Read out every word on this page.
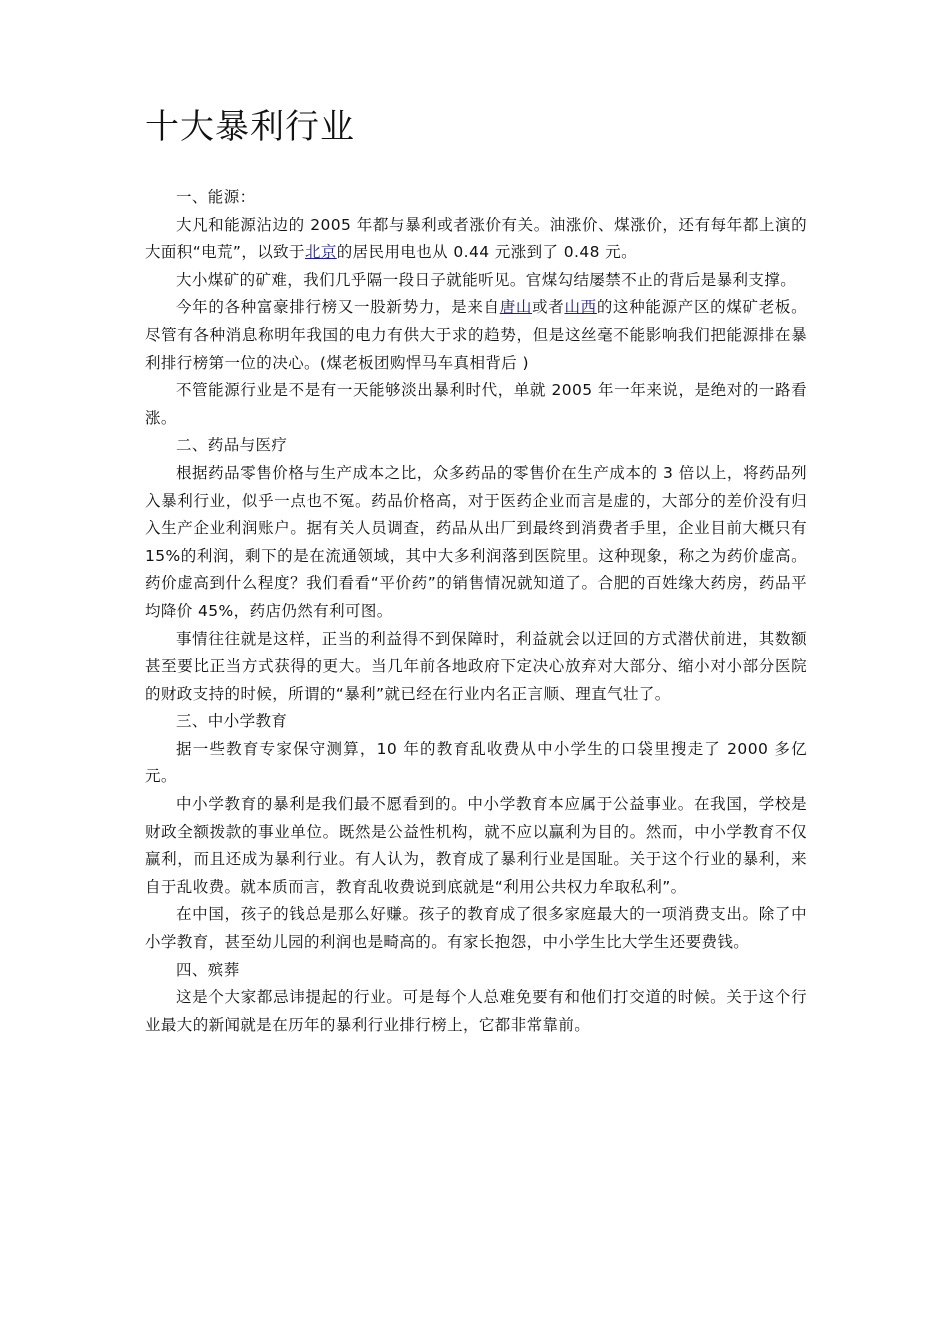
十大暴利行业

一、能源：

大凡和能源沾边的 2005 年都与暴利或者涨价有关。油涨价、煤涨价，还有每年都上演的大面积“电荒”，以致于北京的居民用电也从 0.44 元涨到了 0.48 元。

大小煤矿的矿难，我们几乎隔一段日子就能听见。官煤勾结屡禁不止的背后是暴利支撑。

今年的各种富豪排行榜又一股新势力，是来自唐山或者山西的这种能源产区的煤矿老板。尽管有各种消息称明年我国的电力有供大于求的趋势，但是这丝毫不能影响我们把能源排在暴利排行榜第一位的决心。(煤老板团购悍马车真相背后 )

不管能源行业是不是有一天能够淡出暴利时代，单就 2005 年一年来说，是绝对的一路看涨。

二、药品与医疗

根据药品零售价格与生产成本之比，众多药品的零售价在生产成本的 3 倍以上，将药品列入暴利行业，似乎一点也不冤。药品价格高，对于医药企业而言是虚的，大部分的差价没有归入生产企业利润账户。据有关人员调查，药品从出厂到最终到消费者手里，企业目前大概只有 15%的利润，剩下的是在流通领域，其中大多利润落到医院里。这种现象，称之为药价虚高。药价虚高到什么程度？我们看看“平价药”的销售情况就知道了。合肥的百姓缘大药房，药品平均降价 45%，药店仍然有利可图。

事情往往就是这样，正当的利益得不到保障时，利益就会以迂回的方式潜伏前进，其数额甚至要比正当方式获得的更大。当几年前各地政府下定决心放弃对大部分、缩小对小部分医院的财政支持的时候，所谓的“暴利”就已经在行业内名正言顺、理直气壮了。

三、中小学教育

据一些教育专家保守测算，10 年的教育乱收费从中小学生的口袋里搜走了 2000 多亿元。

中小学教育的暴利是我们最不愿看到的。中小学教育本应属于公益事业。在我国，学校是财政全额拨款的事业单位。既然是公益性机构，就不应以赢利为目的。然而，中小学教育不仅赢利，而且还成为暴利行业。有人认为，教育成了暴利行业是国耻。关于这个行业的暴利，来自于乱收费。就本质而言，教育乱收费说到底就是“利用公共权力牟取私利”。

在中国，孩子的钱总是那么好赚。孩子的教育成了很多家庭最大的一项消费支出。除了中小学教育，甚至幼儿园的利润也是畸高的。有家长抱怨，中小学生比大学生还要费钱。

四、殡葬

这是个大家都忌讳提起的行业。可是每个人总难免要有和他们打交道的时候。关于这个行业最大的新闻就是在历年的暴利行业排行榜上，它都非常靠前。
